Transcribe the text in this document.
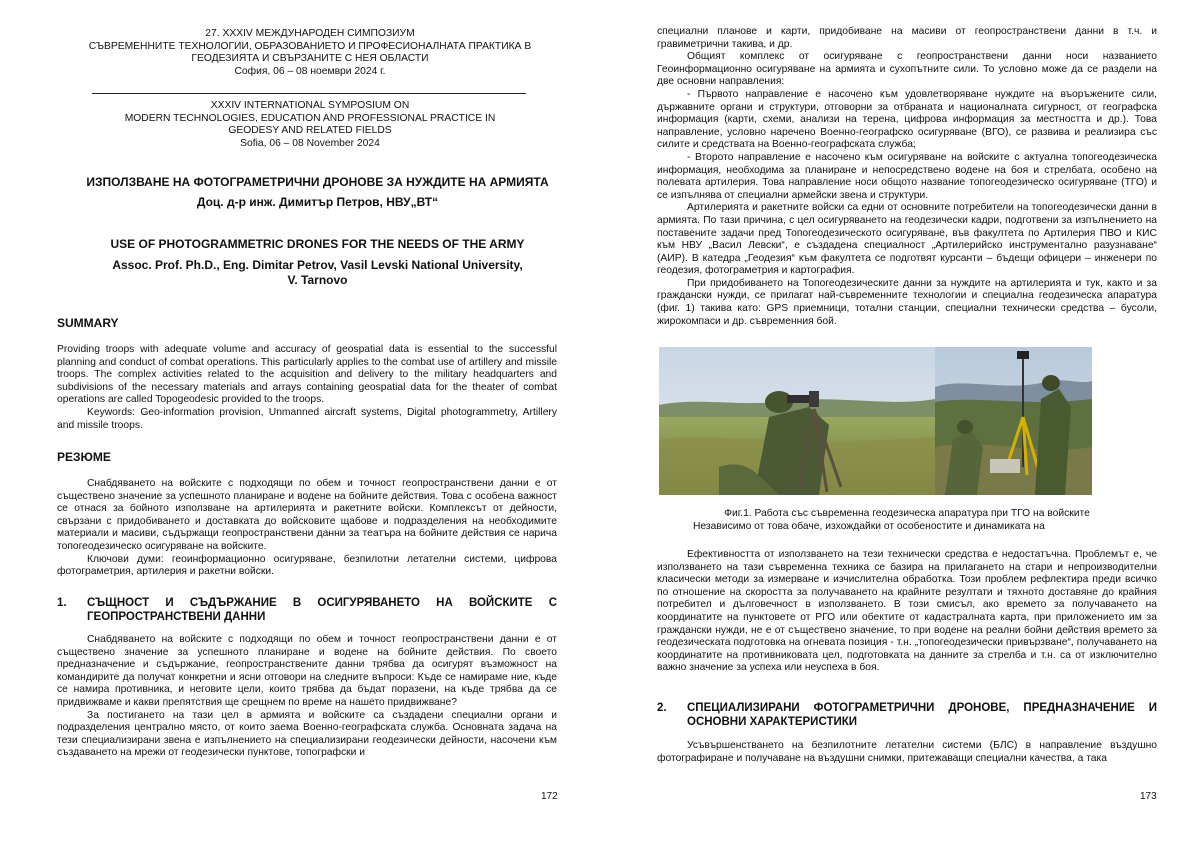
27. XXXIV МЕЖДУНАРОДЕН СИМПОЗИУМ
СЪВРЕМЕННИТЕ ТЕХНОЛОГИИ, ОБРАЗОВАНИЕТО И ПРОФЕСИОНАЛНАТА ПРАКТИКА В
ГЕОДЕЗИЯТА И СВЪРЗАНИТЕ С НЕЯ ОБЛАСТИ
София, 06 – 08 ноември 2024 г.
XXXIV INTERNATIONAL SYMPOSIUM ON
MODERN TECHNOLOGIES, EDUCATION AND PROFESSIONAL PRACTICE IN
GEODESY AND RELATED FIELDS
Sofia, 06 – 08 November 2024
ИЗПОЛЗВАНЕ НА ФОТОГРАМЕТРИЧНИ ДРОНОВЕ ЗА НУЖДИТЕ НА АРМИЯТА
Доц. д-р инж. Димитър Петров, НВУ„ВТ“
USE OF PHOTOGRAMMETRIC DRONES FOR THE NEEDS OF THE ARMY
Assoc. Prof. Ph.D., Eng. Dimitar Petrov, Vasil Levski National University,
V. Tarnovo
SUMMARY

Providing troops with adequate volume and accuracy of geospatial data is essential to the successful planning and conduct of combat operations. This particularly applies to the combat use of artillery and missile troops. The complex activities related to the acquisition and delivery to the military headquarters and subdivisions of the necessary materials and arrays containing geospatial data for the theater of combat operations are called Topogeodesic provided to the troops.

Keywords: Geo-information provision, Unmanned aircraft systems, Digital photogrammetry, Artillery and missile troops.

РЕЗЮМЕ

Снабдяването на войските с подходящи по обем и точност геопространствени данни е от съществено значение за успешното планиране и водене на бойните действия. Това с особена важност се отнася за бойното използване на артилерията и ракетните войски. Комплексът от дейности, свързани с придобиването и доставката до войсковите щабове и подразделения на необходимите материали и масиви, съдържащи геопространствени данни за театъра на бойните действия се нарича топогеодезическо осигуряване на войските.

Ключови думи: геоинформационно осигуряване, безпилотни летателни системи, цифрова фотограметрия, артилерия и ракетни войски.

1. СЪЩНОСТ И СЪДЪРЖАНИЕ В ОСИГУРЯВАНЕТО НА ВОЙСКИТЕ С ГЕОПРОСТРАНСТВЕНИ ДАННИ

Снабдяването на войските с подходящи по обем и точност геопространствени данни е от съществено значение за успешното планиране и водене на бойните действия. По своето предназначение и съдържание, геопространствените данни трябва да осигурят възможност на командирите да получат конкретни и ясни отговори на следните въпроси: Къде се намираме ние, къде се намира противника, и неговите цели, които трябва да бъдат поразени, на къде трябва да се придвижваме и какви препятствия ще срещнем по време на нашето придвижване?

За постигането на тази цел в армията и войските са създадени специални органи и подразделения централно място, от които заема Военно-географската служба. Основната задача на тези специализирани звена е изпълнението на специализирани геодезически дейности, насочени към създаването на мрежи от геодезически пунктове, топографски и

172

специални планове и карти, придобиване на масиви от геопространствени данни в т.ч. и гравиметрични такива, и др.

Общият комплекс от осигуряване с геопространствени данни носи названието Геоинформационно осигуряване на армията и сухопътните сили. То условно може да се раздели на две основни направления:

- Първото направление е насочено към удовлетворяване нуждите на въоръжените сили, държавните органи и структури, отговорни за отбраната и националната сигурност, от географска информация (карти, схеми, анализи на терена, цифрова информация за местността и др.). Това направление, условно наречено Военно-географско осигуряване (ВГО), се развива и реализира със силите и средствата на Военно-географската служба;

- Второто направление е насочено към осигуряване на войските с актуална топогеодезическа информация, необходима за планиране и непосредствено водене на боя и стрелбата, особено на полевата артилерия. Това направление носи общото название топогеодезическо осигуряване (ТГО) и се изпълнява от специални армейски звена и структури.

Артилерията и ракетните войски са едни от основните потребители на топогеодезически данни в армията. По тази причина, с цел осигуряването на геодезически кадри, подготвени за изпълнението на поставените задачи пред Топогеодезическото осигуряване, във факултета по Артилерия ПВО и КИС към НВУ „Васил Левски“, е създадена специалност „Артилерийско инструментално разузнаване“ (АИР). В катедра „Геодезия“ към факултета се подготвят курсанти – бъдещи офицери – инженери по геодезия, фотограметрия и картография.

При придобиването на Топогеодезическите данни за нуждите на артилерията и тук, както и за граждански нужди, се прилагат най-съвременните технологии и специална геодезическа апаратура (фиг. 1) такива като: GPS приемници, тотални станции, специални технически средства – бусоли, жирокомпаси и др. съвременния бой.

Фиг.1. Работа със съвременна геодезическа апаратура при ТГО на войските
Независимо от това обаче, изхождайки от особеностите и динамиката на

Ефективността от използването на тези технически средства е недостатъчна. Проблемът е, че използването на тази съвременна техника се базира на прилагането на стари и непроизводителни класически методи за измерване и изчислителна обработка. Този проблем рефлектира преди всичко по отношение на скоростта за получаването на крайните резултати и тяхното доставяне до крайния потребител и дълговечност в използването. В този смисъл, ако времето за получаването на координатите на пунктовете от РГО или обектите от кадастралната карта, при приложението им за граждански нужди, не е от съществено значение, то при водене на реални бойни действия времето за геодезическата подготовка на огневата позиция - т.н. „топогеодезически привързване“, получаването на координатите на противниковата цел, подготовката на данните за стрелба и т.н. са от изключително важно значение за успеха или неуспеха в боя.

2. СПЕЦИАЛИЗИРАНИ ФОТОГРАМЕТРИЧНИ ДРОНОВЕ, ПРЕДНАЗНАЧЕНИЕ И ОСНОВНИ ХАРАКТЕРИСТИКИ

Усъвършенстването на безпилотните летателни системи (БЛС) в направление въздушно фотографиране и получаване на въздушни снимки, притежаващи специални качества, а така

173
